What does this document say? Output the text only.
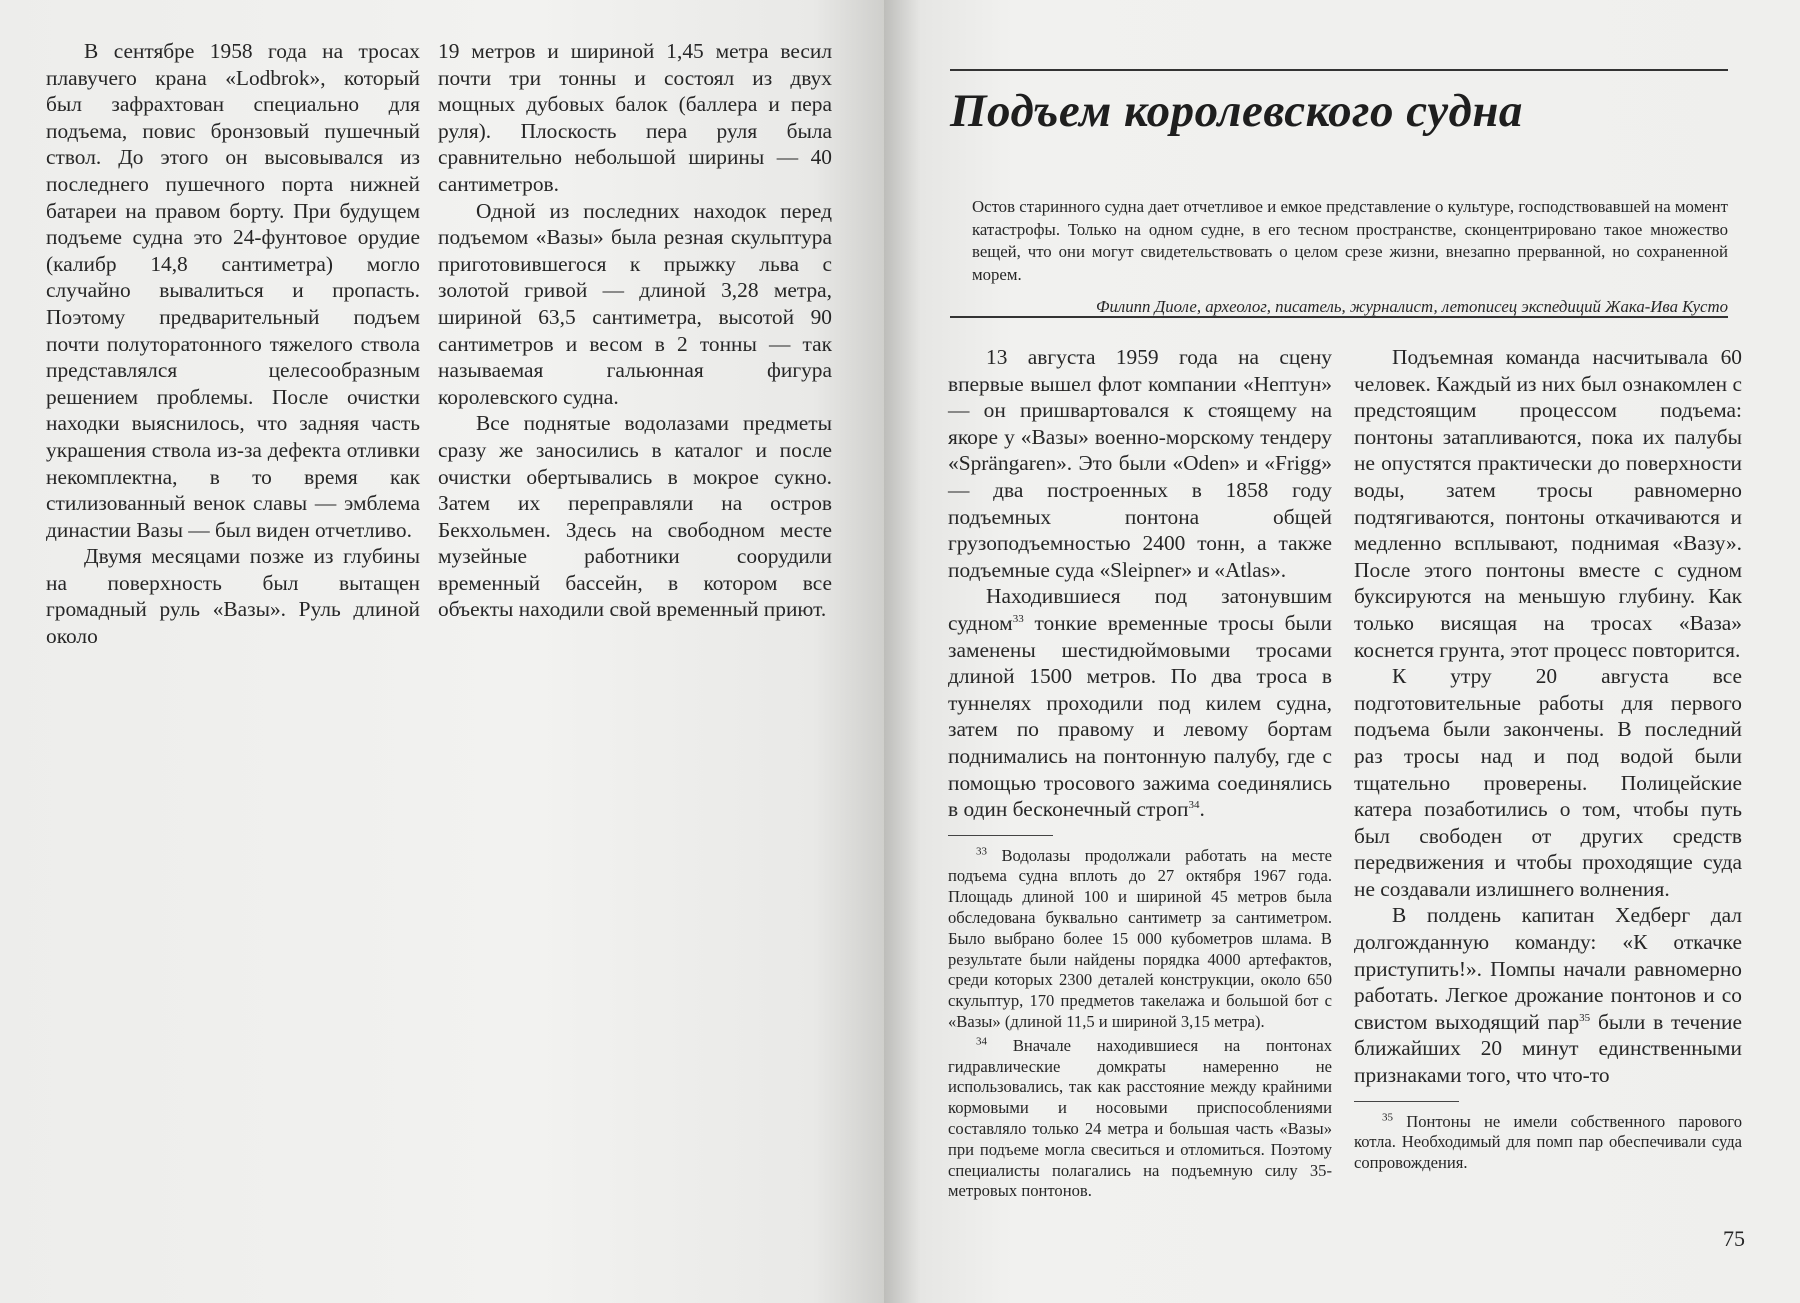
В сентябре 1958 года на тросах плавучего крана «Lodbrok», который был зафрахтован специально для подъема, повис бронзовый пушечный ствол. До этого он высовывался из последнего пушечного порта нижней батареи на правом борту. При будущем подъеме судна это 24-фунтовое орудие (калибр 14,8 сантиметра) могло случайно вывалиться и пропасть. Поэтому предварительный подъем почти полуторатонного тяжелого ствола представлялся целесообразным решением проблемы. После очистки находки выяснилось, что задняя часть украшения ствола из-за дефекта отливки некомплектна, в то время как стилизованный венок славы — эмблема династии Вазы — был виден отчетливо.

Двумя месяцами позже из глубины на поверхность был вытащен громадный руль «Вазы». Руль длиной около

19 метров и шириной 1,45 метра весил почти три тонны и состоял из двух мощных дубовых балок (баллера и пера руля). Плоскость пера руля была сравнительно небольшой ширины — 40 сантиметров.

Одной из последних находок перед подъемом «Вазы» была резная скульптура приготовившегося к прыжку льва с золотой гривой — длиной 3,28 метра, шириной 63,5 сантиметра, высотой 90 сантиметров и весом в 2 тонны — так называемая гальюнная фигура королевского судна.

Все поднятые водолазами предметы сразу же заносились в каталог и после очистки обертывались в мокрое сукно. Затем их переправляли на остров Бекхольмен. Здесь на свободном месте музейные работники соорудили временный бассейн, в котором все объекты находили свой временный приют.

Подъем королевского судна

Остов старинного судна дает отчетливое и емкое представление о культуре, господствовавшей на момент катастрофы. Только на одном судне, в его тесном пространстве, сконцентрировано такое множество вещей, что они могут свидетельствовать о целом срезе жизни, внезапно прерванной, но сохраненной морем.

Филипп Диоле, археолог, писатель, журналист, летописец экспедиций Жака-Ива Кусто

13 августа 1959 года на сцену впервые вышел флот компании «Нептун» — он пришвартовался к стоящему на якоре у «Вазы» военно-морскому тендеру «Sprängaren». Это были «Oden» и «Frigg» — два построенных в 1858 году подъемных понтона общей грузоподъемностью 2400 тонн, а также подъемные суда «Sleipner» и «Atlas».

Находившиеся под затонувшим судном$^{33}$ тонкие временные тросы были заменены шестидюймовыми тросами длиной 1500 метров. По два троса в туннелях проходили под килем судна, затем по правому и левому бортам поднимались на понтонную палубу, где с помощью тросового зажима соединялись в один бесконечный строп$^{34}$.

$^{33}$ Водолазы продолжали работать на месте подъема судна вплоть до 27 октября 1967 года. Площадь длиной 100 и шириной 45 метров была обследована буквально сантиметр за сантиметром. Было выбрано более 15 000 кубометров шлама. В результате были найдены порядка 4000 артефактов, среди которых 2300 деталей конструкции, около 650 скульптур, 170 предметов такелажа и большой бот с «Вазы» (длиной 11,5 и шириной 3,15 метра).

$^{34}$ Вначале находившиеся на понтонах гидравлические домкраты намеренно не использовались, так как расстояние между крайними кормовыми и носовыми приспособлениями составляло только 24 метра и большая часть «Вазы» при подъеме могла свеситься и отломиться. Поэтому специалисты полагались на подъемную силу 35-метровых понтонов.

Подъемная команда насчитывала 60 человек. Каждый из них был ознакомлен с предстоящим процессом подъема: понтоны затапливаются, пока их палубы не опустятся практически до поверхности воды, затем тросы равномерно подтягиваются, понтоны откачиваются и медленно всплывают, поднимая «Вазу». После этого понтоны вместе с судном буксируются на меньшую глубину. Как только висящая на тросах «Ваза» коснется грунта, этот процесс повторится.

К утру 20 августа все подготовительные работы для первого подъема были закончены. В последний раз тросы над и под водой были тщательно проверены. Полицейские катера позаботились о том, чтобы путь был свободен от других средств передвижения и чтобы проходящие суда не создавали излишнего волнения.

В полдень капитан Хедберг дал долгожданную команду: «К откачке приступить!». Помпы начали равномерно работать. Легкое дрожание понтонов и со свистом выходящий пар$^{35}$ были в течение ближайших 20 минут единственными признаками того, что что-то

$^{35}$ Понтоны не имели собственного парового котла. Необходимый для помп пар обеспечивали суда сопровождения.

75
